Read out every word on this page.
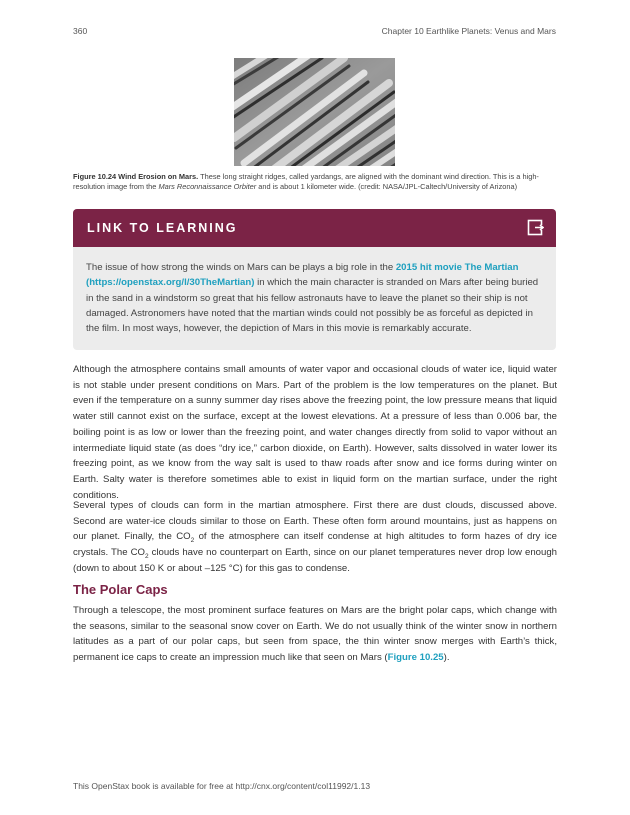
360	Chapter 10 Earthlike Planets: Venus and Mars
Figure 10.24 Wind Erosion on Mars. These long straight ridges, called yardangs, are aligned with the dominant wind direction. This is a high-resolution image from the Mars Reconnaissance Orbiter and is about 1 kilometer wide. (credit: NASA/JPL-Caltech/University of Arizona)
LINK TO LEARNING
The issue of how strong the winds on Mars can be plays a big role in the 2015 hit movie The Martian (https://openstax.org/l/30TheMartian) in which the main character is stranded on Mars after being buried in the sand in a windstorm so great that his fellow astronauts have to leave the planet so their ship is not damaged. Astronomers have noted that the martian winds could not possibly be as forceful as depicted in the film. In most ways, however, the depiction of Mars in this movie is remarkably accurate.

Although the atmosphere contains small amounts of water vapor and occasional clouds of water ice, liquid water is not stable under present conditions on Mars. Part of the problem is the low temperatures on the planet. But even if the temperature on a sunny summer day rises above the freezing point, the low pressure means that liquid water still cannot exist on the surface, except at the lowest elevations. At a pressure of less than 0.006 bar, the boiling point is as low or lower than the freezing point, and water changes directly from solid to vapor without an intermediate liquid state (as does “dry ice,” carbon dioxide, on Earth). However, salts dissolved in water lower its freezing point, as we know from the way salt is used to thaw roads after snow and ice forms during winter on Earth. Salty water is therefore sometimes able to exist in liquid form on the martian surface, under the right conditions.

Several types of clouds can form in the martian atmosphere. First there are dust clouds, discussed above. Second are water-ice clouds similar to those on Earth. These often form around mountains, just as happens on our planet. Finally, the $CO_2$ of the atmosphere can itself condense at high altitudes to form hazes of dry ice crystals. The $CO_2$ clouds have no counterpart on Earth, since on our planet temperatures never drop low enough (down to about 150 K or about –125 °C) for this gas to condense.

The Polar Caps

Through a telescope, the most prominent surface features on Mars are the bright polar caps, which change with the seasons, similar to the seasonal snow cover on Earth. We do not usually think of the winter snow in northern latitudes as a part of our polar caps, but seen from space, the thin winter snow merges with Earth’s thick, permanent ice caps to create an impression much like that seen on Mars (Figure 10.25).

This OpenStax book is available for free at http://cnx.org/content/col11992/1.13
